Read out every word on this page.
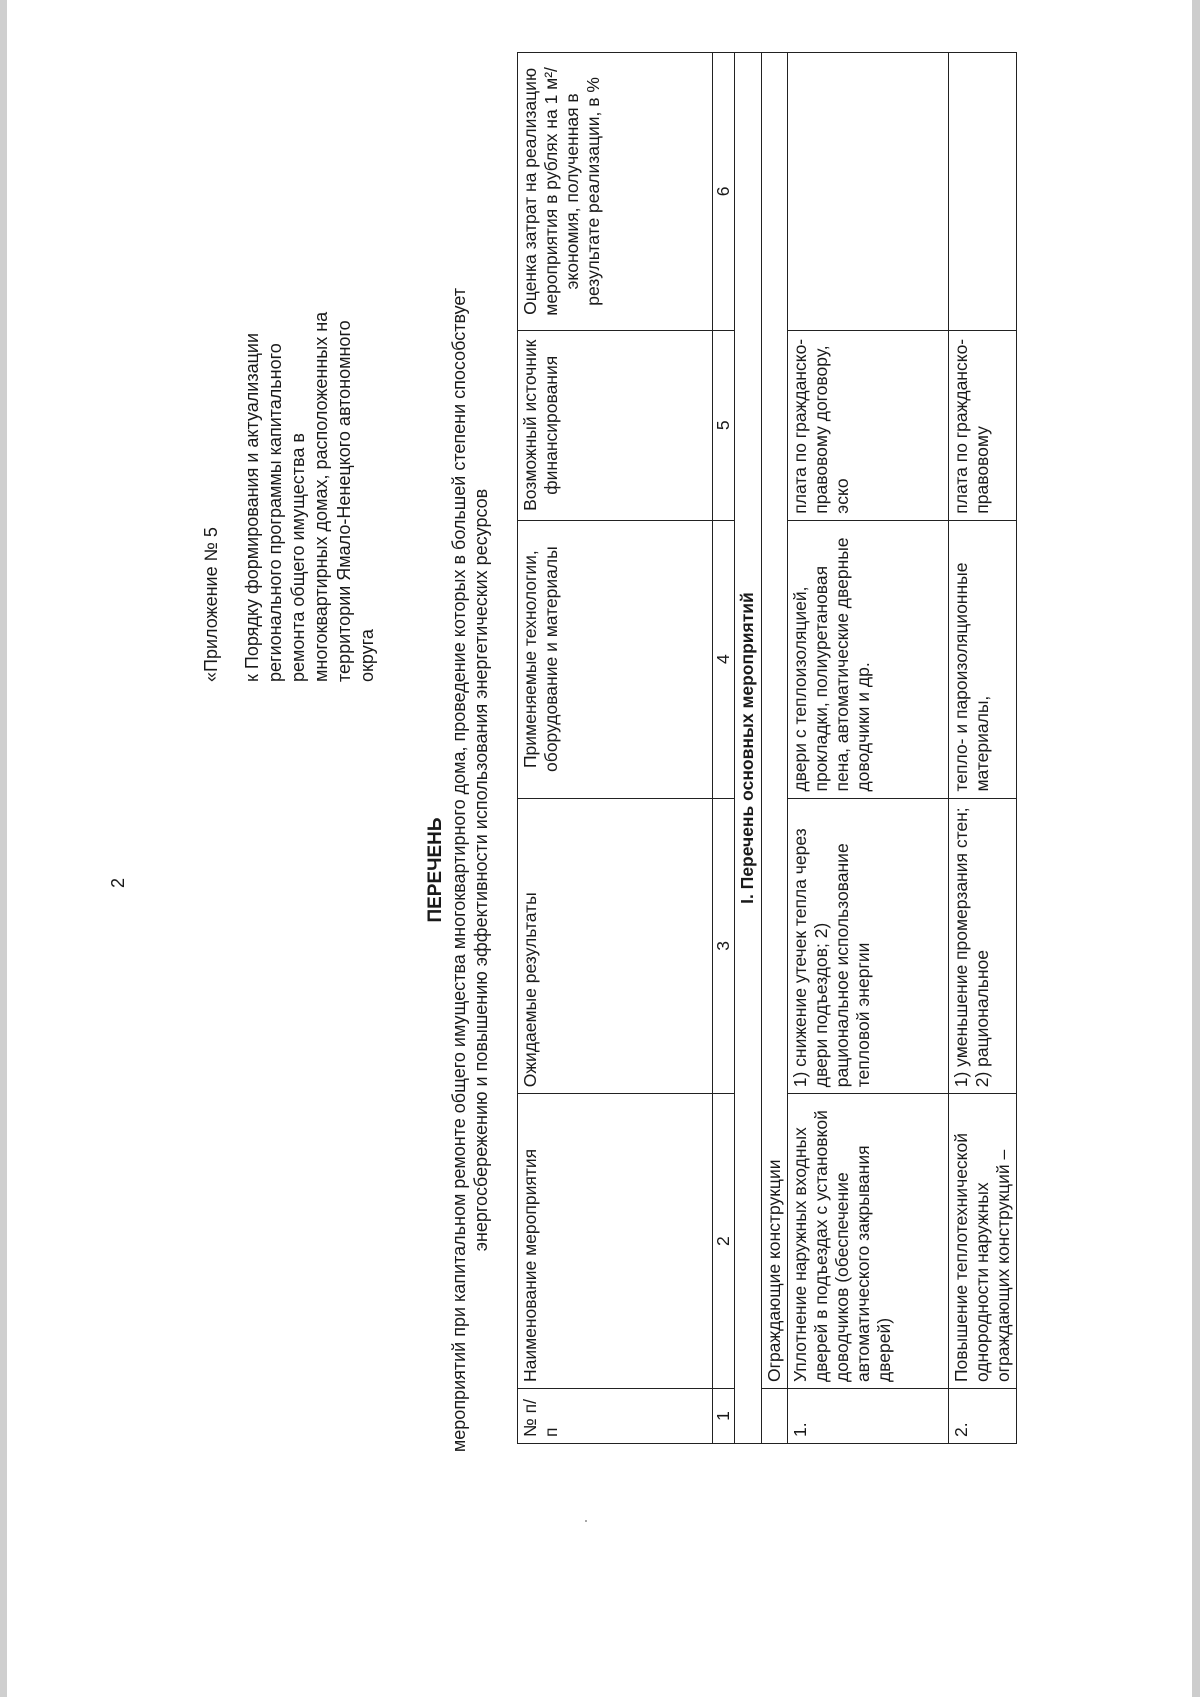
·
2
«Приложение № 5 к Порядку формирования и актуализации регионального программы капитального ремонта общего имущества в многоквартирных домах, расположенных на территории Ямало-Ненецкого автономного округа
ПЕРЕЧЕНЬ мероприятий при капитальном ремонте общего имущества многоквартирного дома, проведение которых в большей степени способствует энергосбережению и повышению эффективности использования энергетических ресурсов
№ п/п	Наименование мероприятия	Ожидаемые результаты	Применяемые технологии, оборудование и материалы	Возможный источник финансирования	Оценка затрат на реализацию мероприятия в рублях на 1 м²/ экономия, полученная в результате реализации, в %
1	2	3	4	5	6
I. Перечень основных мероприятий					
	Ограждающие конструкции				
1.	Уплотнение наружных входных дверей в подъездах с установкой доводчиков (обеспечение автоматического закрывания дверей)	1) снижение утечек тепла через двери подъездов; 2) рациональное использование тепловой энергии	двери с теплоизоляцией, прокладки, полиуретановая пена, автоматические дверные доводчики и др.	плата по гражданско-правовому договору, эско	
2.	Повышение теплотехнической однородности наружных ограждающих конструкций –	1) уменьшение промерзания стен; 2) рациональное	тепло- и пароизоляционные материалы,	плата по гражданско-правовому	
